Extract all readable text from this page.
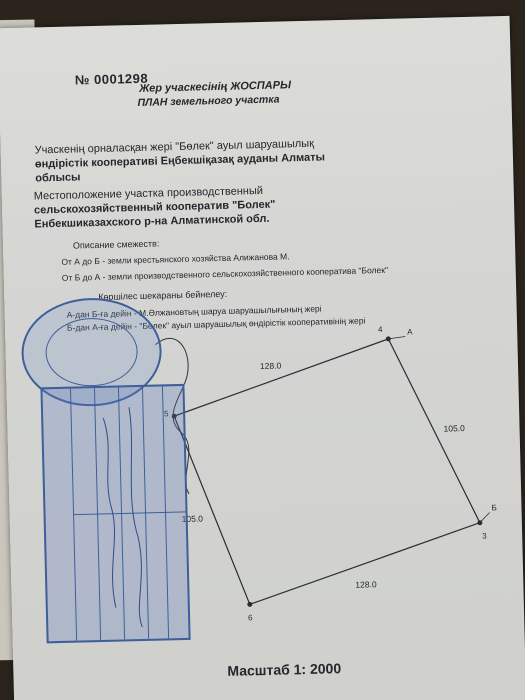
№ 0001298
Жер учаскесінің ЖОСПАРЫ
ПЛАН земельного участка
Учаскенің орналасқан жері "Бөлек" ауыл шаруашылық
өндірістік кооперативі Еңбекшіқазақ ауданы Алматы
облысы
Местоположение участка производственный
сельскохозяйственный кооператив "Болек"
Енбекшиказахского р-на Алматинской обл.
Описание смежеств:
От А до Б - земли крестьянского хозяйства Алижанова М.
От Б до А - земли производственного сельскохозяйственного кооператива "Болек"
Көршілес шекараны бейнелеу:
А-дан Б-ға дейін - М.Әлжановтың шаруа шаруашылығының жері
Б-дан А-ға дейін - "Бөлек" ауыл шаруашылық өндірістік кооперативінің жері 4	А
3
Б
6
5
128.0
105.0
105.0
128.0
Масштаб 1: 2000
